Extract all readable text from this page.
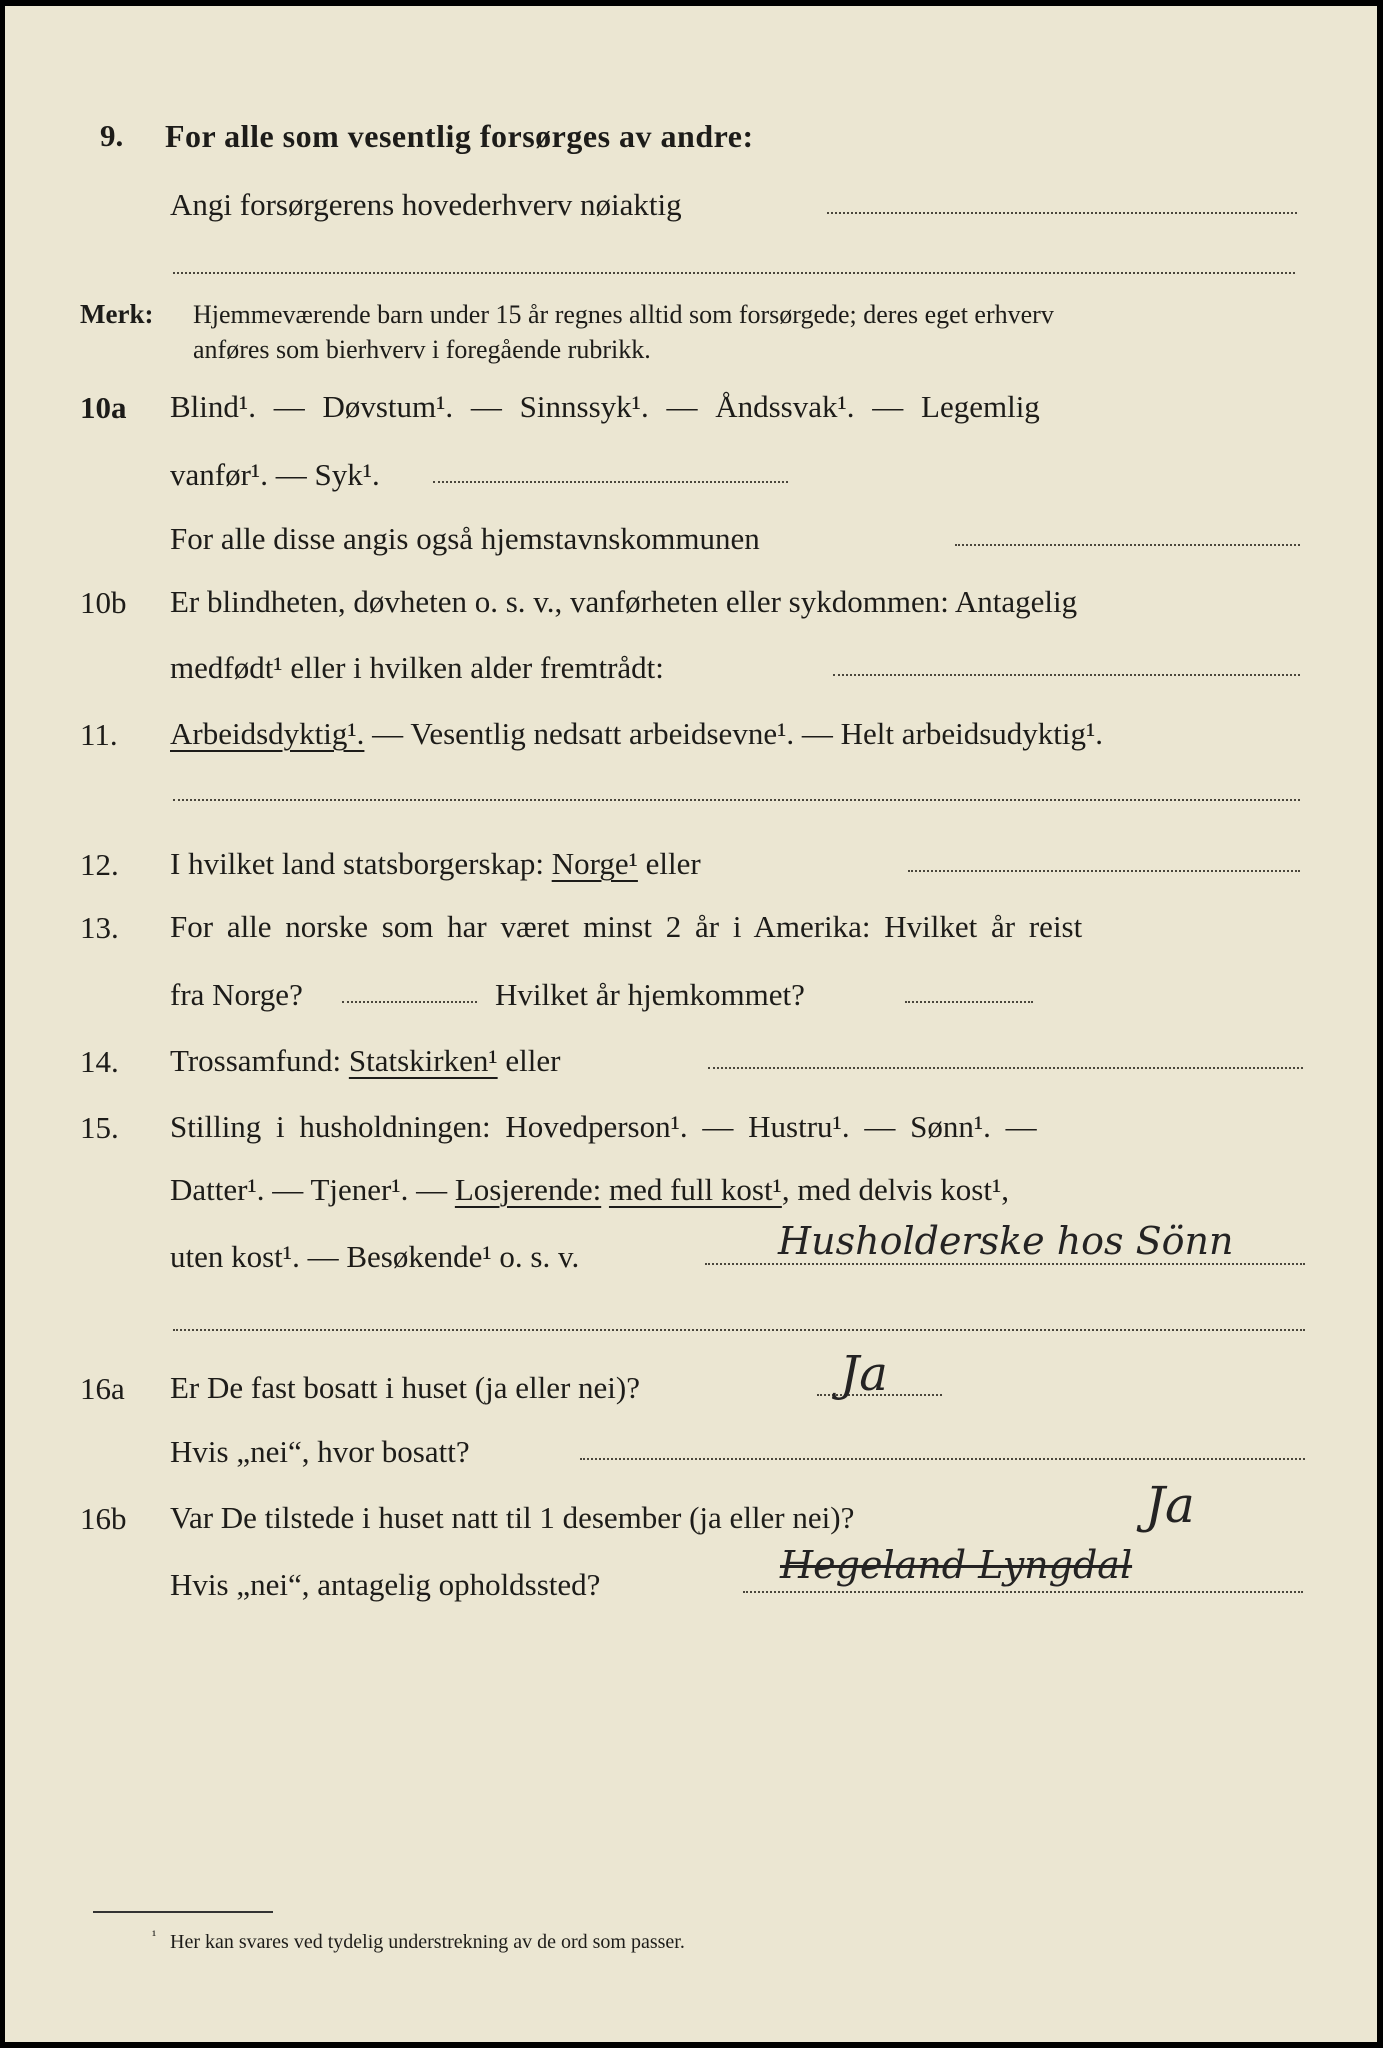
9. For alle som vesentlig forsørges av andre:
Angi forsørgerens hovederhverv nøiaktig
Merk: Hjemmeværende barn under 15 år regnes alltid som forsørgede; deres eget erhverv
anføres som bierhverv i foregående rubrikk.
10a Blind¹. — Døvstum¹. — Sinnssyk¹. — Åndssvak¹. — Legemlig
vanfør¹. — Syk¹.
For alle disse angis også hjemstavnskommunen
10b Er blindheten, døvheten o. s. v., vanførheten eller sykdommen: Antagelig
medfødt¹ eller i hvilken alder fremtrådt:
11. Arbeidsdyktig¹. — Vesentlig nedsatt arbeidsevne¹. — Helt arbeidsudyktig¹.
12. I hvilket land statsborgerskap: Norge¹ eller
13. For alle norske som har været minst 2 år i Amerika: Hvilket år reist
fra Norge?	Hvilket år hjemkommet?
14. Trossamfund: Statskirken¹ eller
15. Stilling i husholdningen: Hovedperson¹. — Hustru¹. — Sønn¹. —
Datter¹. — Tjener¹. — Losjerende: med full kost¹, med delvis kost¹,
uten kost¹. — Besøkende¹ o. s. v.	Husholderske hos Sönn
16a Er De fast bosatt i huset (ja eller nei)?	Ja
Hvis „nei“, hvor bosatt?
16b Var De tilstede i huset natt til 1 desember (ja eller nei)?	Ja
Hvis „nei“, antagelig opholdssted?	Hegeland Lyngdal
¹ Her kan svares ved tydelig understrekning av de ord som passer.
